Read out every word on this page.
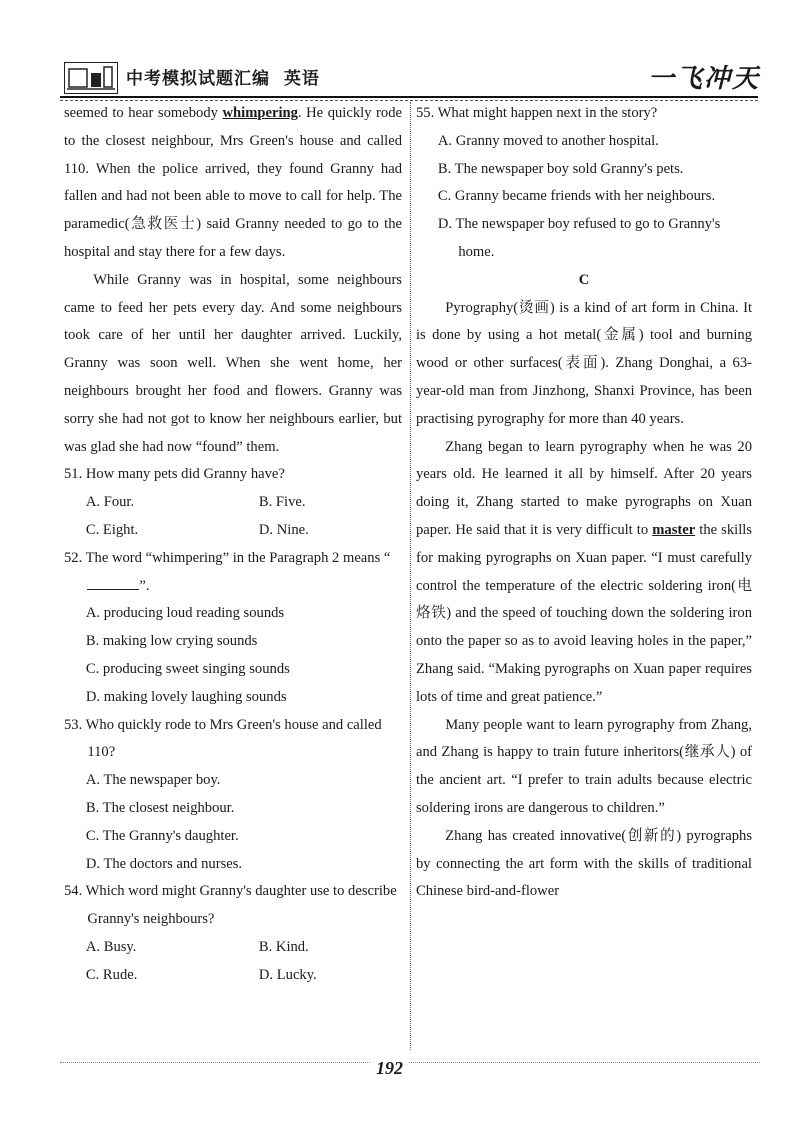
中考模拟试题汇编  英语	一飞冲天

seemed to hear somebody whimpering. He quickly rode to the closest neighbour, Mrs Green's house and called 110. When the police arrived, they found Granny had fallen and had not been able to move to call for help. The paramedic(急救医士) said Granny needed to go to the hospital and stay there for a few days.

While Granny was in hospital, some neighbours came to feed her pets every day. And some neighbours took care of her until her daughter arrived. Luckily, Granny was soon well. When she went home, her neighbours brought her food and flowers. Granny was sorry she had not got to know her neighbours earlier, but was glad she had now “found” them.

51. How many pets did Granny have?

A. Four.	B. Five.
C. Eight.	D. Nine.

52. The word “whimpering” in the Paragraph 2 means “”.

A. producing loud reading sounds

B. making low crying sounds

C. producing sweet singing sounds

D. making lovely laughing sounds

53. Who quickly rode to Mrs Green's house and called 110?

A. The newspaper boy.

B. The closest neighbour.

C. The Granny's daughter.

D. The doctors and nurses.

54. Which word might Granny's daughter use to describe Granny's neighbours?

A. Busy.	B. Kind.
C. Rude.	D. Lucky.

55. What might happen next in the story?

A. Granny moved to another hospital.

B. The newspaper boy sold Granny's pets.

C. Granny became friends with her neighbours.

D. The newspaper boy refused to go to Granny's

home.

C

Pyrography(烫画) is a kind of art form in China. It is done by using a hot metal(金属) tool and burning wood or other surfaces(表面). Zhang Donghai, a 63-year-old man from Jinzhong, Shanxi Province, has been practising pyrography for more than 40 years.

Zhang began to learn pyrography when he was 20 years old. He learned it all by himself. After 20 years doing it, Zhang started to make pyrographs on Xuan paper. He said that it is very difficult to master the skills for making pyrographs on Xuan paper. “I must carefully control the temperature of the electric soldering iron(电烙铁) and the speed of touching down the soldering iron onto the paper so as to avoid leaving holes in the paper,” Zhang said. “Making pyrographs on Xuan paper requires lots of time and great patience.”

Many people want to learn pyrography from Zhang, and Zhang is happy to train future inheritors(继承人) of the ancient art. “I prefer to train adults because electric soldering irons are dangerous to children.”

Zhang has created innovative(创新的) pyrographs by connecting the art form with the skills of traditional Chinese bird-and-flower

192
